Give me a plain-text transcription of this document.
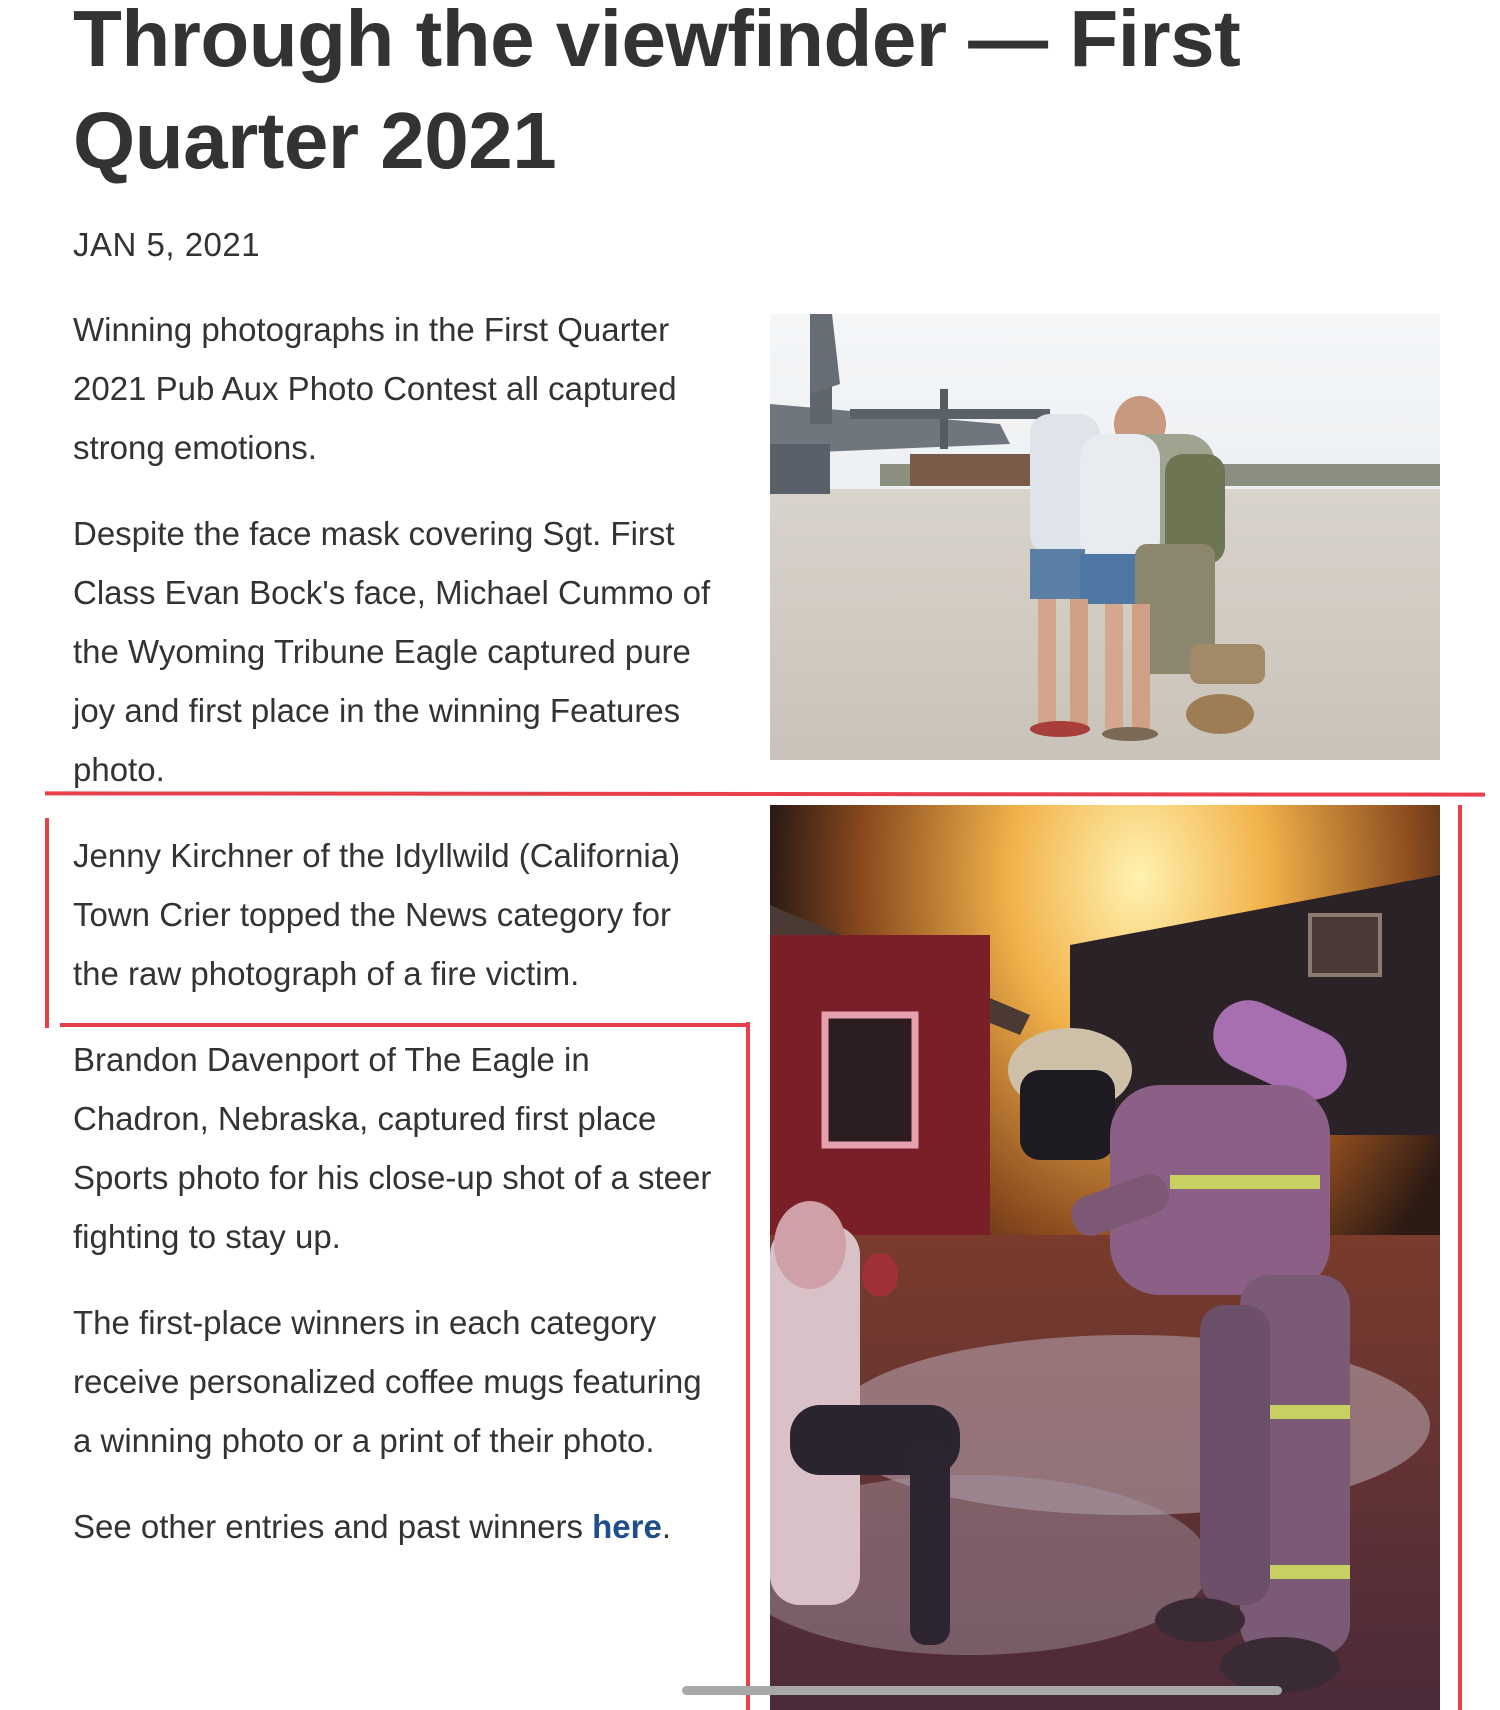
Through the viewfinder — First Quarter 2021
JAN 5, 2021

Winning photographs in the First Quarter 2021 Pub Aux Photo Contest all captured strong emotions.

Despite the face mask covering Sgt. First Class Evan Bock's face, Michael Cummo of the Wyoming Tribune Eagle captured pure joy and first place in the winning Features photo.

Jenny Kirchner of the Idyllwild (California) Town Crier topped the News category for the raw photograph of a fire victim.

Brandon Davenport of The Eagle in Chadron, Nebraska, captured first place Sports photo for his close-up shot of a steer fighting to stay up.

The first-place winners in each category receive personalized coffee mugs featuring a winning photo or a print of their photo.

See other entries and past winners here.
